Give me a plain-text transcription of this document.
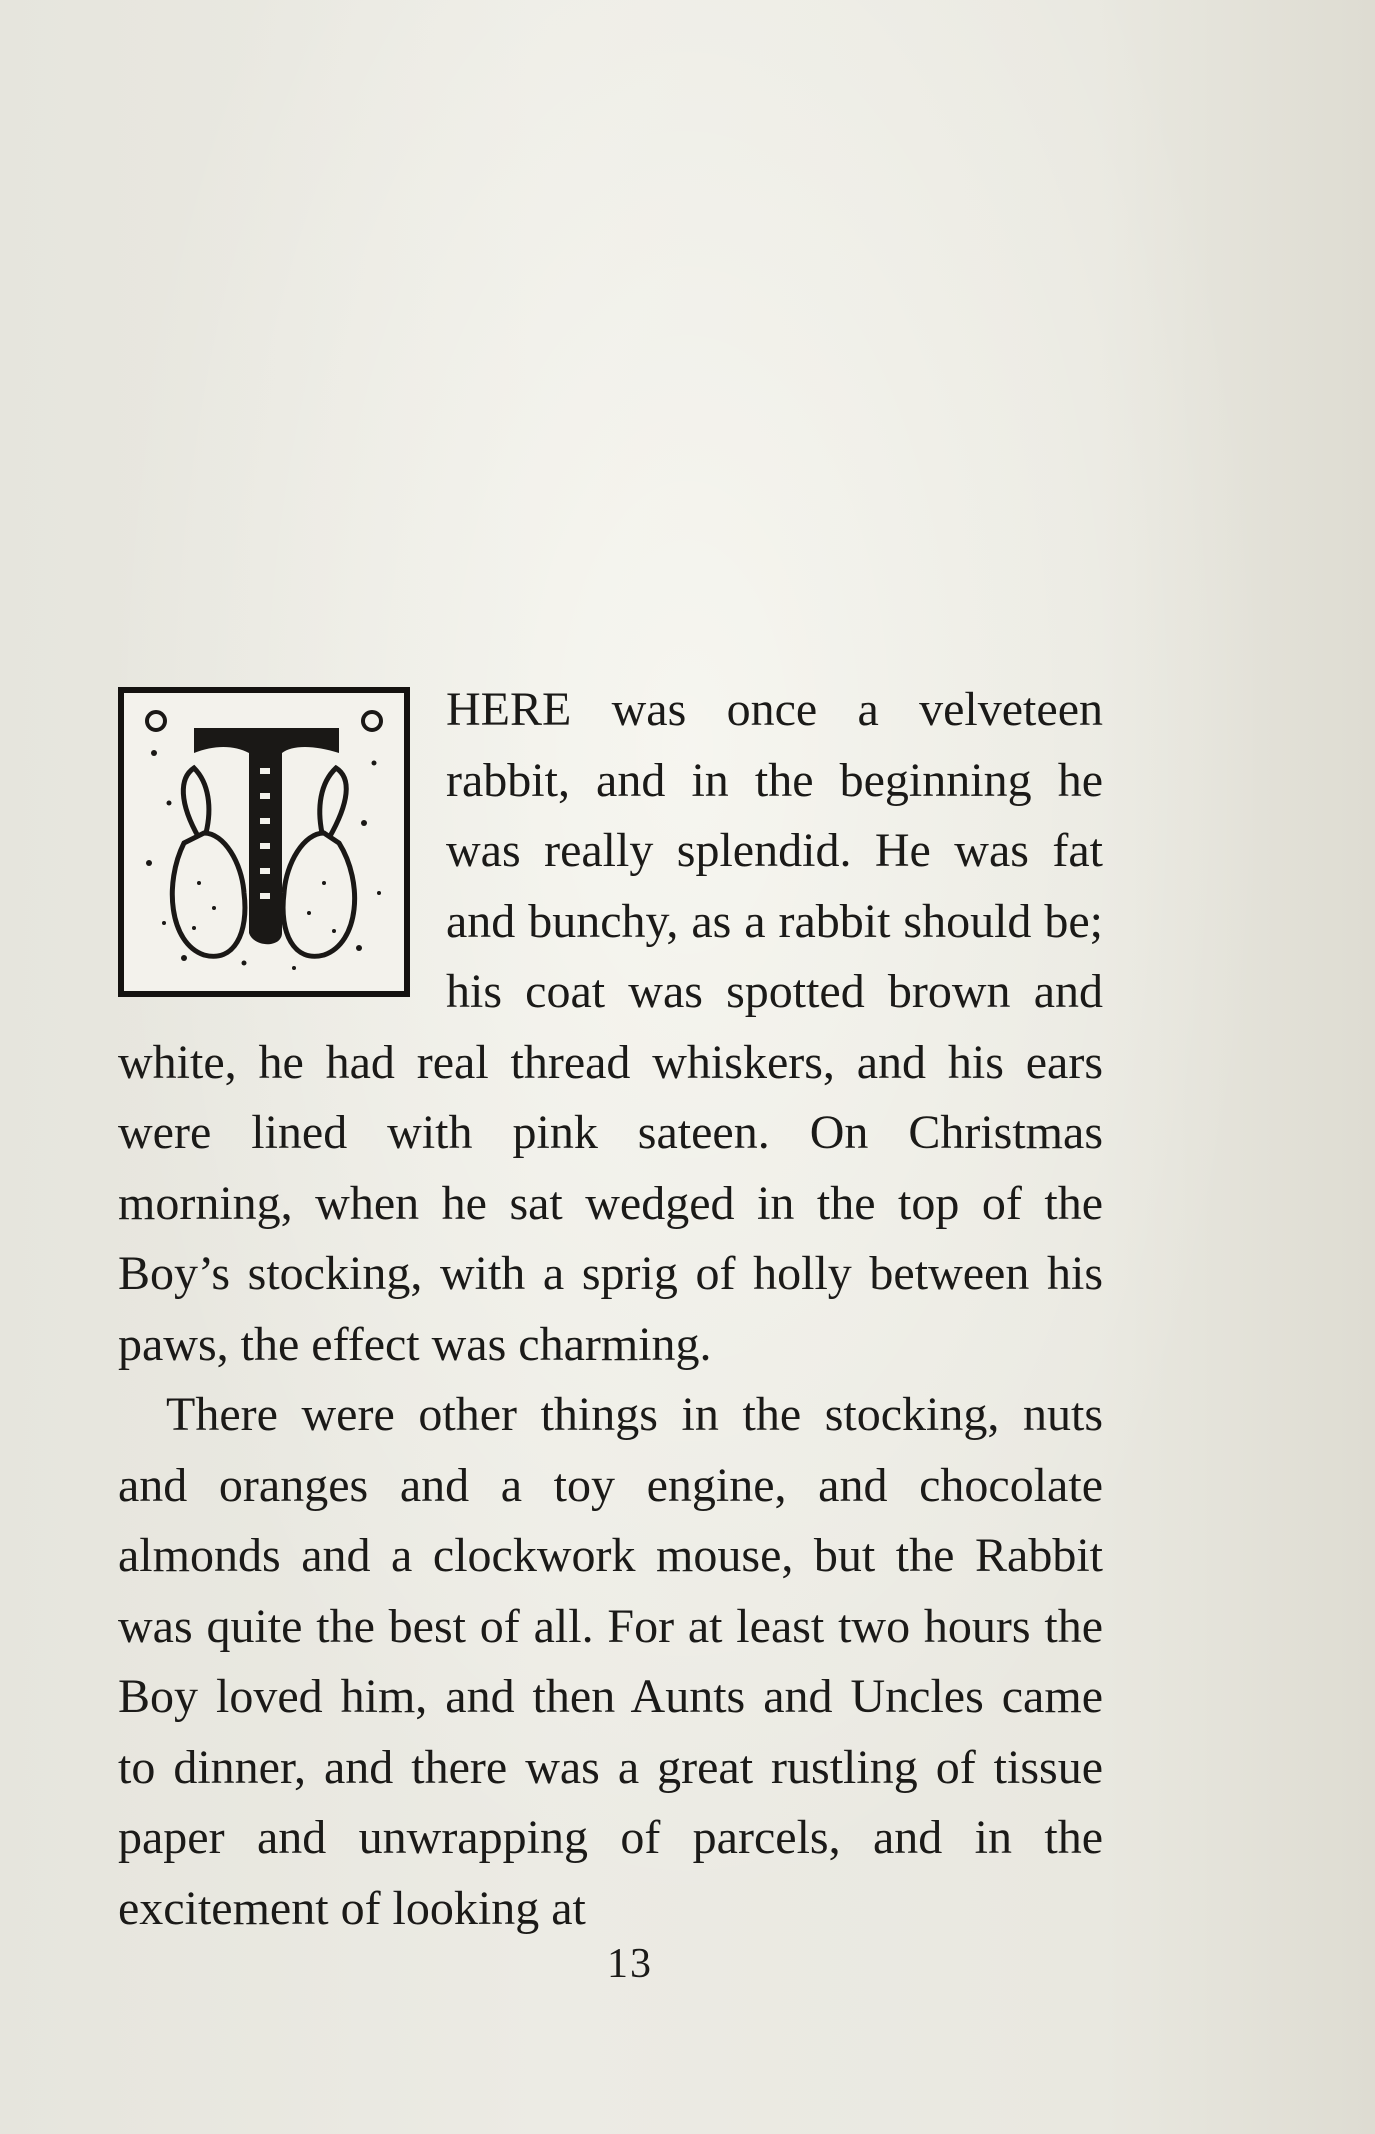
HERE was once a velveteen rabbit, and in the beginning he was really splendid. He was fat and bunchy, as a rabbit should be; his coat was spotted brown and white, he had real thread whiskers, and his ears were lined with pink sateen. On Christmas morning, when he sat wedged in the top of the Boy’s stocking, with a sprig of holly between his paws, the effect was charming.

There were other things in the stocking, nuts and oranges and a toy engine, and chocolate almonds and a clockwork mouse, but the Rabbit was quite the best of all. For at least two hours the Boy loved him, and then Aunts and Uncles came to dinner, and there was a great rustling of tissue paper and unwrapping of parcels, and in the excitement of looking at

13
